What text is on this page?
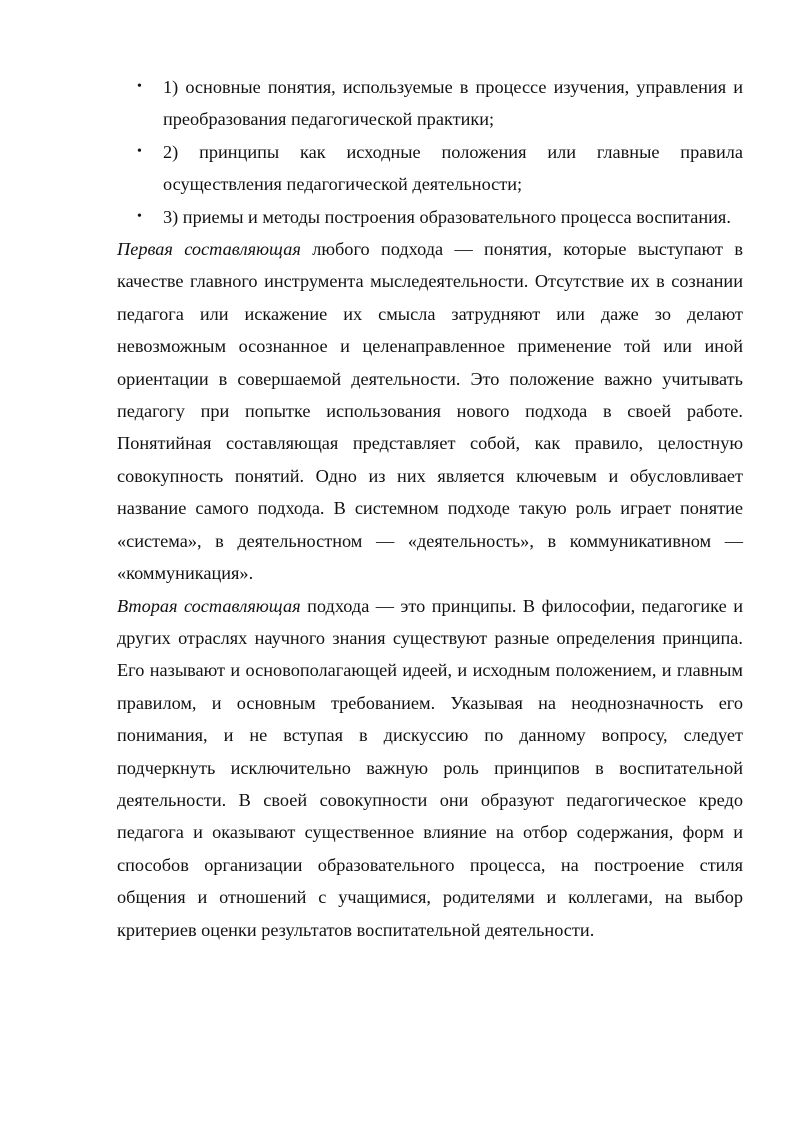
• 1) основные понятия, используемые в процессе изучения, управления и преобразования педагогической практики;
• 2) принципы как исходные положения или главные правила осуществления педагогической деятельности;
• 3) приемы и методы построения образовательного процесса воспитания.

Первая составляющая любого подхода — понятия, которые выступают в качестве главного инструмента мыследеятельности. Отсутствие их в сознании педагога или искажение их смысла затрудняют или даже зо делают невозможным осознанное и целенаправленное применение той или иной ориентации в совершаемой деятельности. Это положение важно учитывать педагогу при попытке использования нового подхода в своей работе. Понятийная составляющая представляет собой, как правило, целостную совокупность понятий. Одно из них является ключевым и обусловливает название самого подхода. В системном подходе такую роль играет понятие «система», в деятельностном — «деятельность», в коммуникативном — «коммуникация».

Вторая составляющая подхода — это принципы. В философии, педагогике и других отраслях научного знания существуют разные определения принципа. Его называют и основополагающей идеей, и исходным положением, и главным правилом, и основным требованием. Указывая на неоднозначность его понимания, и не вступая в дискуссию по данному вопросу, следует подчеркнуть исключительно важную роль принципов в воспитательной деятельности. В своей совокупности они образуют педагогическое кредо педагога и оказывают существенное влияние на отбор содержания, форм и способов организации образовательного процесса, на построение стиля общения и отношений с учащимися, родителями и коллегами, на выбор критериев оценки результатов воспитательной деятельности.
